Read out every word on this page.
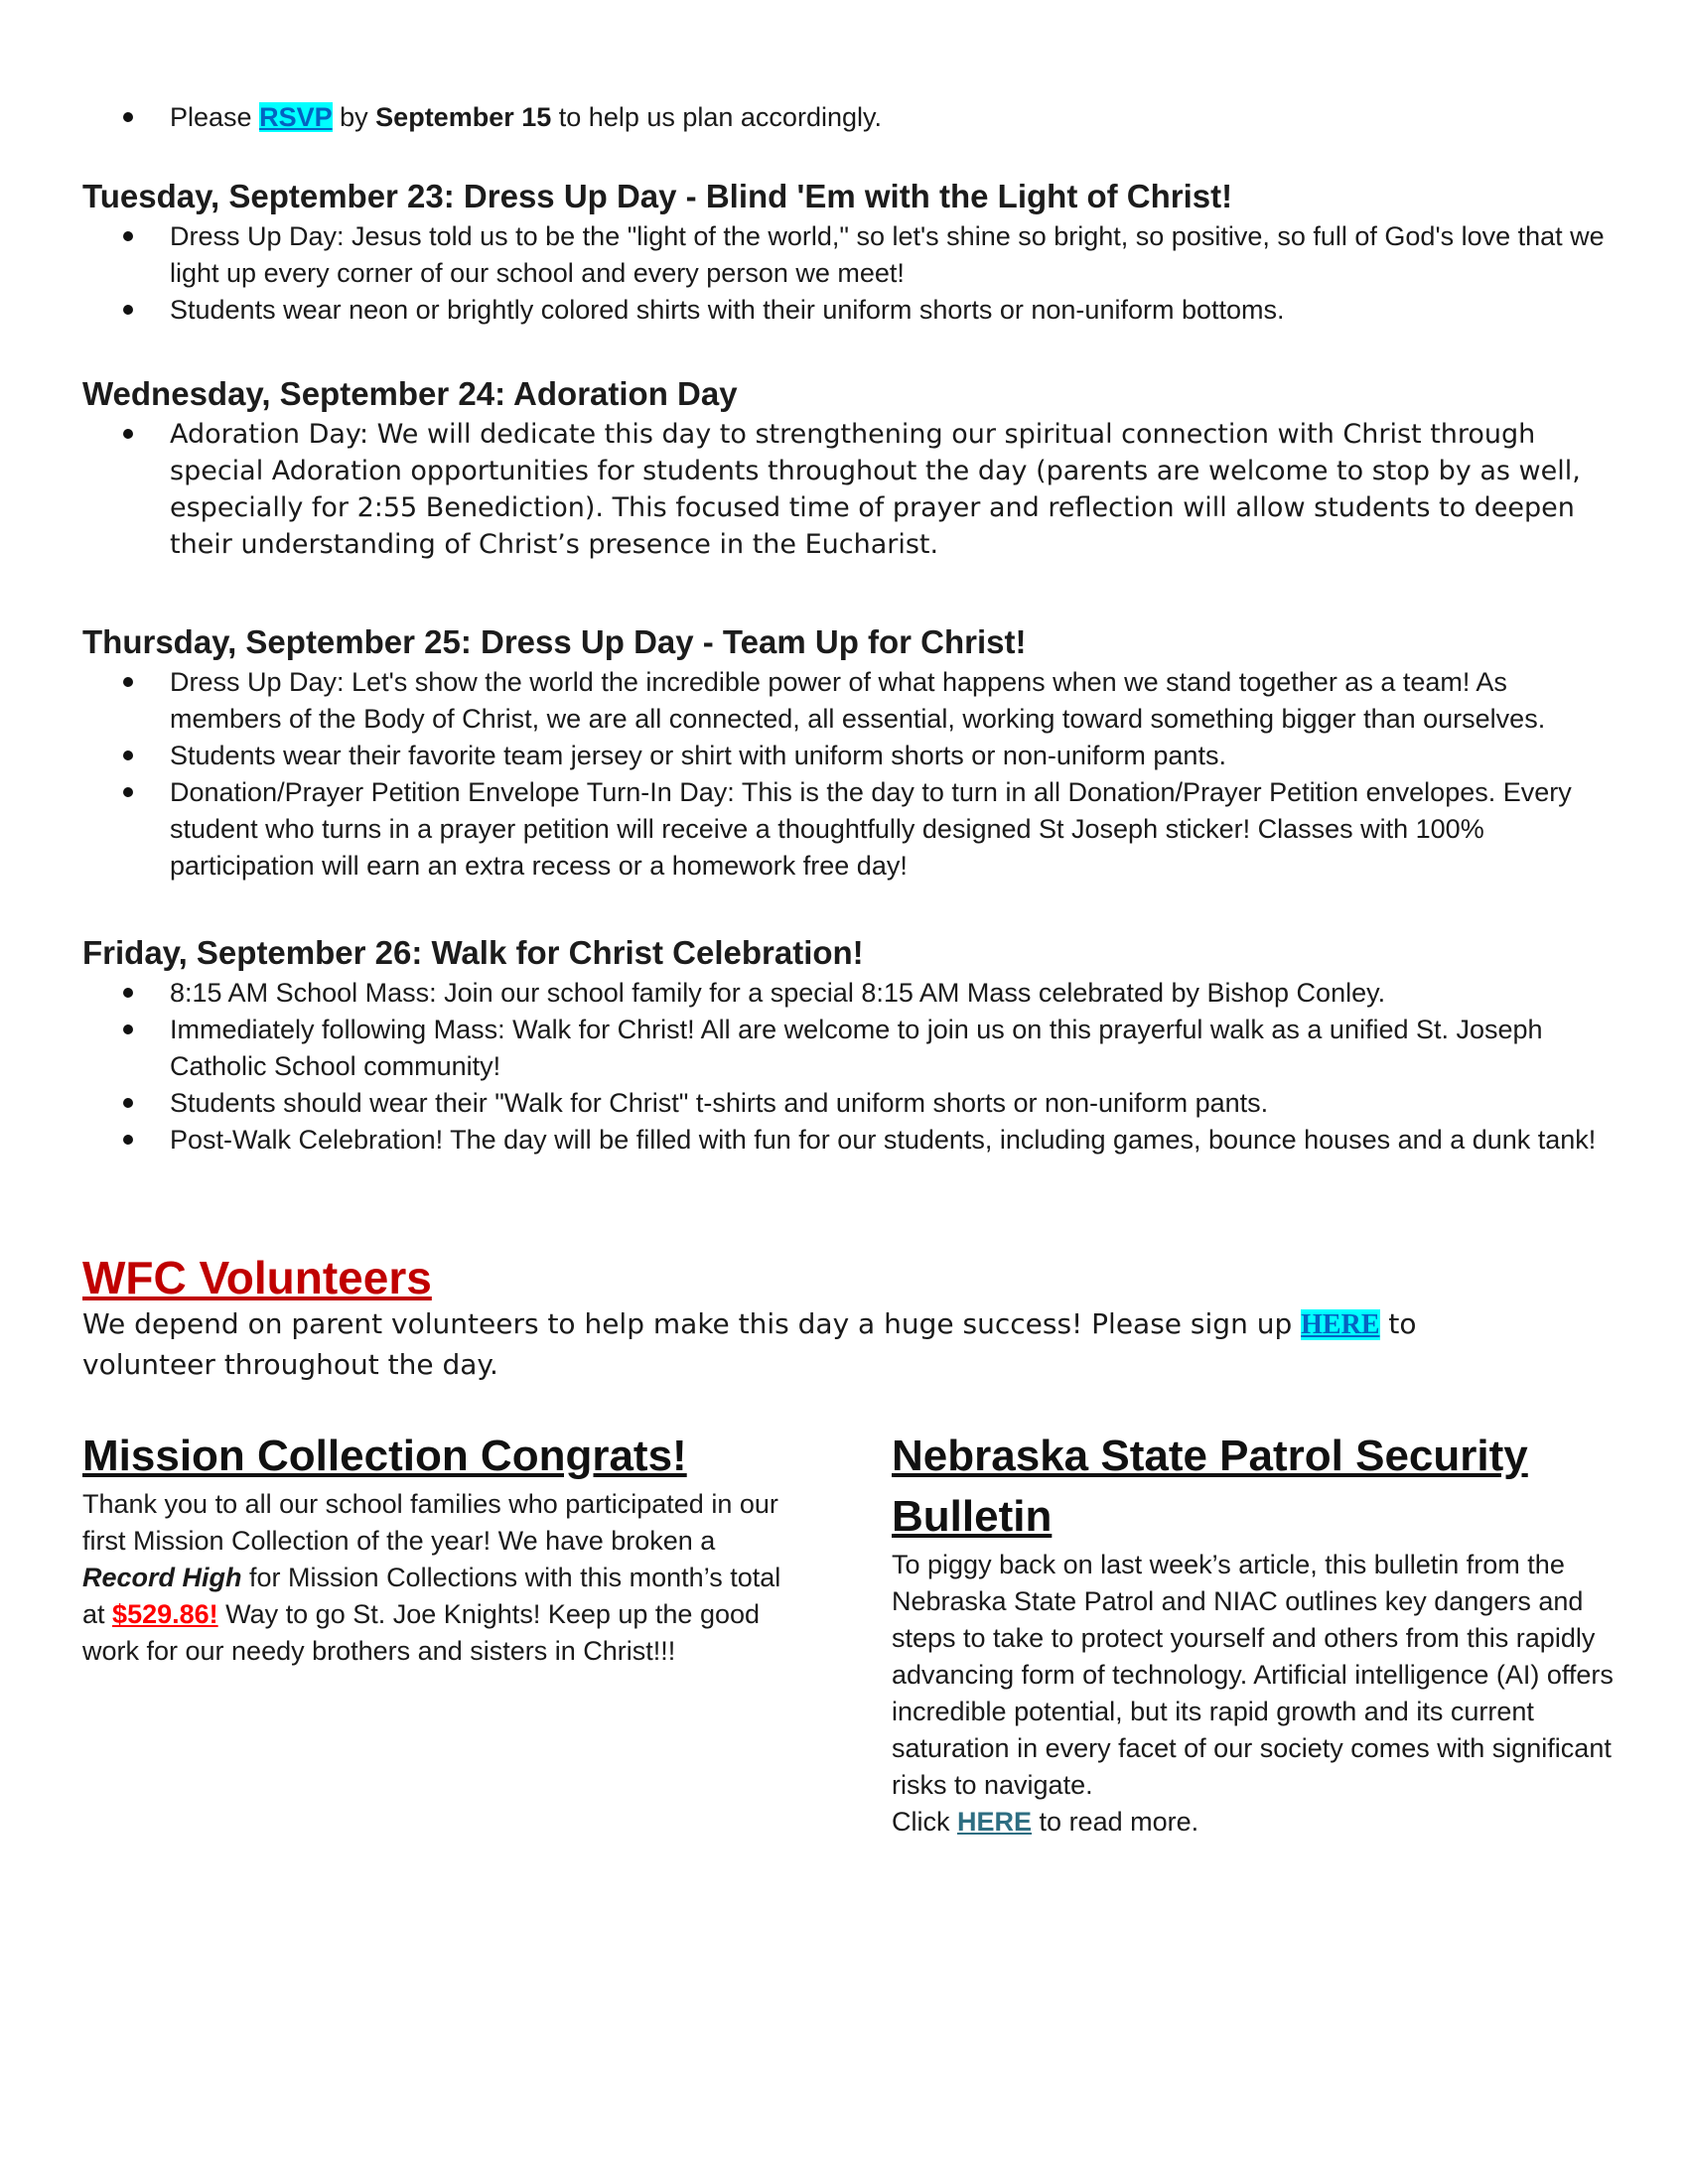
Please RSVP by September 15 to help us plan accordingly.
Tuesday, September 23: Dress Up Day - Blind 'Em with the Light of Christ!
Dress Up Day: Jesus told us to be the "light of the world," so let's shine so bright, so positive, so full of God's love that we light up every corner of our school and every person we meet!
Students wear neon or brightly colored shirts with their uniform shorts or non-uniform bottoms.
Wednesday, September 24: Adoration Day
Adoration Day: We will dedicate this day to strengthening our spiritual connection with Christ through special Adoration opportunities for students throughout the day (parents are welcome to stop by as well, especially for 2:55 Benediction). This focused time of prayer and reflection will allow students to deepen their understanding of Christ’s presence in the Eucharist.
Thursday, September 25: Dress Up Day - Team Up for Christ!
Dress Up Day: Let's show the world the incredible power of what happens when we stand together as a team! As members of the Body of Christ, we are all connected, all essential, working toward something bigger than ourselves.
Students wear their favorite team jersey or shirt with uniform shorts or non-uniform pants.
Donation/Prayer Petition Envelope Turn-In Day: This is the day to turn in all Donation/Prayer Petition envelopes. Every student who turns in a prayer petition will receive a thoughtfully designed St Joseph sticker! Classes with 100% participation will earn an extra recess or a homework free day!
Friday, September 26: Walk for Christ Celebration!
8:15 AM School Mass: Join our school family for a special 8:15 AM Mass celebrated by Bishop Conley.
Immediately following Mass: Walk for Christ! All are welcome to join us on this prayerful walk as a unified St. Joseph Catholic School community!
Students should wear their "Walk for Christ" t-shirts and uniform shorts or non-uniform pants.
Post-Walk Celebration! The day will be filled with fun for our students, including games, bounce houses and a dunk tank!
WFC Volunteers

We depend on parent volunteers to help make this day a huge success! Please sign up HERE to volunteer throughout the day.

Mission Collection Congrats!

Thank you to all our school families who participated in our first Mission Collection of the year! We have broken a Record High for Mission Collections with this month’s total at $529.86! Way to go St. Joe Knights! Keep up the good work for our needy brothers and sisters in Christ!!!

Nebraska State Patrol Security Bulletin

To piggy back on last week’s article, this bulletin from the Nebraska State Patrol and NIAC outlines key dangers and steps to take to protect yourself and others from this rapidly advancing form of technology. Artificial intelligence (AI) offers incredible potential, but its rapid growth and its current saturation in every facet of our society comes with significant risks to navigate.

Click HERE to read more.
